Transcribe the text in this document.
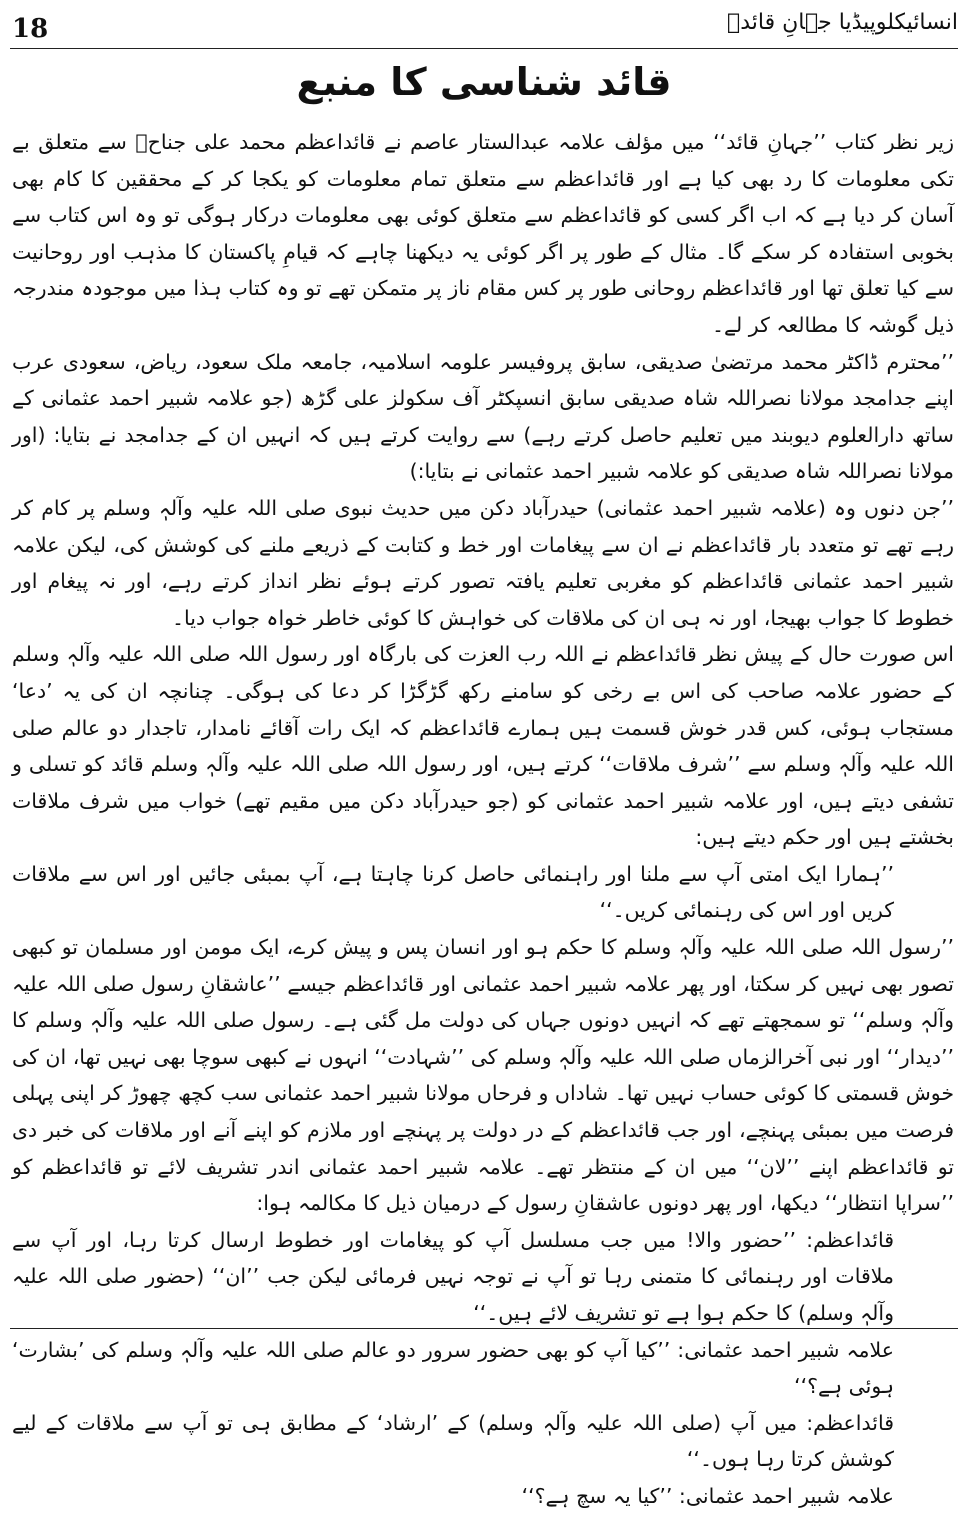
18	انسائیکلوپیڈیا جہانِ قائدؒ
قائد شناسی کا منبع

زیر نظر کتاب ’’جہانِ قائد‘‘ میں مؤلف علامہ عبدالستار عاصم نے قائداعظم محمد علی جناحؒ سے متعلق بے تکی معلومات کا رد بھی کیا ہے اور قائداعظم سے متعلق تمام معلومات کو یکجا کر کے محققین کا کام بھی آسان کر دیا ہے کہ اب اگر کسی کو قائداعظم سے متعلق کوئی بھی معلومات درکار ہوگی تو وہ اس کتاب سے بخوبی استفادہ کر سکے گا۔ مثال کے طور پر اگر کوئی یہ دیکھنا چاہے کہ قیامِ پاکستان کا مذہب اور روحانیت سے کیا تعلق تھا اور قائداعظم روحانی طور پر کس مقام ناز پر متمکن تھے تو وہ کتاب ہذا میں موجودہ مندرجہ ذیل گوشہ کا مطالعہ کر لے۔

’’محترم ڈاکٹر محمد مرتضیٰ صدیقی، سابق پروفیسر علومہ اسلامیہ، جامعہ ملک سعود، ریاض، سعودی عرب اپنے جدامجد مولانا نصراللہ شاہ صدیقی سابق انسپکٹر آف سکولز علی گڑھ (جو علامہ شبیر احمد عثمانی کے ساتھ دارالعلوم دیوبند میں تعلیم حاصل کرتے رہے) سے روایت کرتے ہیں کہ انہیں ان کے جدامجد نے بتایا: (اور مولانا نصراللہ شاہ صدیقی کو علامہ شبیر احمد عثمانی نے بتایا:)

’’جن دنوں وہ (علامہ شبیر احمد عثمانی) حیدرآباد دکن میں حدیث نبوی صلی اللہ علیہ وآلہٖ وسلم پر کام کر رہے تھے تو متعدد بار قائداعظم نے ان سے پیغامات اور خط و کتابت کے ذریعے ملنے کی کوشش کی، لیکن علامہ شبیر احمد عثمانی قائداعظم کو مغربی تعلیم یافتہ تصور کرتے ہوئے نظر انداز کرتے رہے، اور نہ پیغام اور خطوط کا جواب بھیجا، اور نہ ہی ان کی ملاقات کی خواہش کا کوئی خاطر خواہ جواب دیا۔

اس صورت حال کے پیش نظر قائداعظم نے اللہ رب العزت کی بارگاہ اور رسول اللہ صلی اللہ علیہ وآلہٖ وسلم کے حضور علامہ صاحب کی اس بے رخی کو سامنے رکھ گڑگڑا کر دعا کی ہوگی۔ چنانچہ ان کی یہ ’دعا‘ مستجاب ہوئی، کس قدر خوش قسمت ہیں ہمارے قائداعظم کہ ایک رات آقائے نامدار، تاجدار دو عالم صلی اللہ علیہ وآلہٖ وسلم سے ’’شرف ملاقات‘‘ کرتے ہیں، اور رسول اللہ صلی اللہ علیہ وآلہٖ وسلم قائد کو تسلی و تشفی دیتے ہیں، اور علامہ شبیر احمد عثمانی کو (جو حیدرآباد دکن میں مقیم تھے) خواب میں شرف ملاقات بخشتے ہیں اور حکم دیتے ہیں:

’’ہمارا ایک امتی آپ سے ملنا اور راہنمائی حاصل کرنا چاہتا ہے، آپ بمبئی جائیں اور اس سے ملاقات کریں اور اس کی رہنمائی کریں۔‘‘

’’رسول اللہ صلی اللہ علیہ وآلہٖ وسلم کا حکم ہو اور انسان پس و پیش کرے، ایک مومن اور مسلمان تو کبھی تصور بھی نہیں کر سکتا، اور پھر علامہ شبیر احمد عثمانی اور قائداعظم جیسے ’’عاشقانِ رسول صلی اللہ علیہ وآلہٖ وسلم‘‘ تو سمجھتے تھے کہ انہیں دونوں جہاں کی دولت مل گئی ہے۔ رسول صلی اللہ علیہ وآلہٖ وسلم کا ’’دیدار‘‘ اور نبی آخرالزماں صلی اللہ علیہ وآلہٖ وسلم کی ’’شہادت‘‘ انہوں نے کبھی سوچا بھی نہیں تھا، ان کی خوش قسمتی کا کوئی حساب نہیں تھا۔ شاداں و فرحاں مولانا شبیر احمد عثمانی سب کچھ چھوڑ کر اپنی پہلی فرصت میں بمبئی پہنچے، اور جب قائداعظم کے در دولت پر پہنچے اور ملازم کو اپنے آنے اور ملاقات کی خبر دی تو قائداعظم اپنے ’’لان‘‘ میں ان کے منتظر تھے۔ علامہ شبیر احمد عثمانی اندر تشریف لائے تو قائداعظم کو ’’سراپا انتظار‘‘ دیکھا، اور پھر دونوں عاشقانِ رسول کے درمیان ذیل کا مکالمہ ہوا:

قائداعظم: ’’حضور والا! میں جب مسلسل آپ کو پیغامات اور خطوط ارسال کرتا رہا، اور آپ سے ملاقات اور رہنمائی کا متمنی رہا تو آپ نے توجہ نہیں فرمائی لیکن جب ’’ان‘‘ (حضور صلی اللہ علیہ وآلہٖ وسلم) کا حکم ہوا ہے تو تشریف لائے ہیں۔‘‘

علامہ شبیر احمد عثمانی: ’’کیا آپ کو بھی حضور سرور دو عالم صلی اللہ علیہ وآلہٖ وسلم کی ’بشارت‘ ہوئی ہے؟‘‘

قائداعظم: میں آپ (صلی اللہ علیہ وآلہٖ وسلم) کے ’ارشاد‘ کے مطابق ہی تو آپ سے ملاقات کے لیے کوشش کرتا رہا ہوں۔‘‘

علامہ شبیر احمد عثمانی: ’’کیا یہ سچ ہے؟‘‘
